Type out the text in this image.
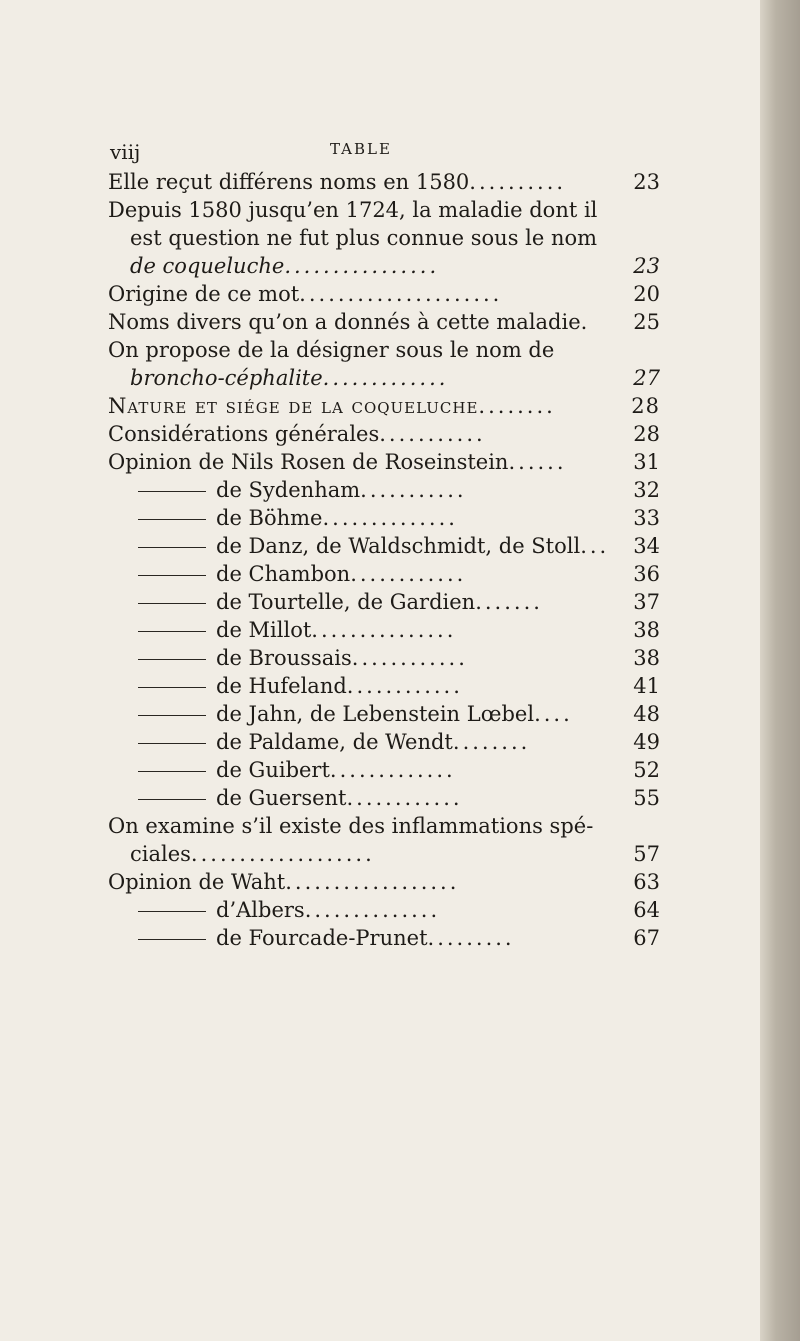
viij	TABLE
Elle reçut différens noms en 1580..........	23
Depuis 1580 jusqu’en 1724, la maladie dont il
est question ne fut plus connue sous le nom
de coqueluche................	23
Origine de ce mot.....................	20
Noms divers qu’on a donnés à cette maladie.	25
On propose de la désigner sous le nom de
broncho-céphalite.............	27
Nature et siége de la coqueluche........	28
Considérations générales...........	28
Opinion de Nils Rosen de Roseinstein......	31
de Sydenham...........	32
de Böhme..............	33
de Danz, de Waldschmidt, de Stoll...	34
de Chambon............	36
de Tourtelle, de Gardien.......	37
de Millot...............	38
de Broussais............	38
de Hufeland............	41
de Jahn, de Lebenstein Lœbel....	48
de Paldame, de Wendt........	49
de Guibert.............	52
de Guersent............	55
On examine s’il existe des inflammations spé-
ciales...................	57
Opinion de Waht..................	63
d’Albers..............	64
de Fourcade-Prunet.........	67
